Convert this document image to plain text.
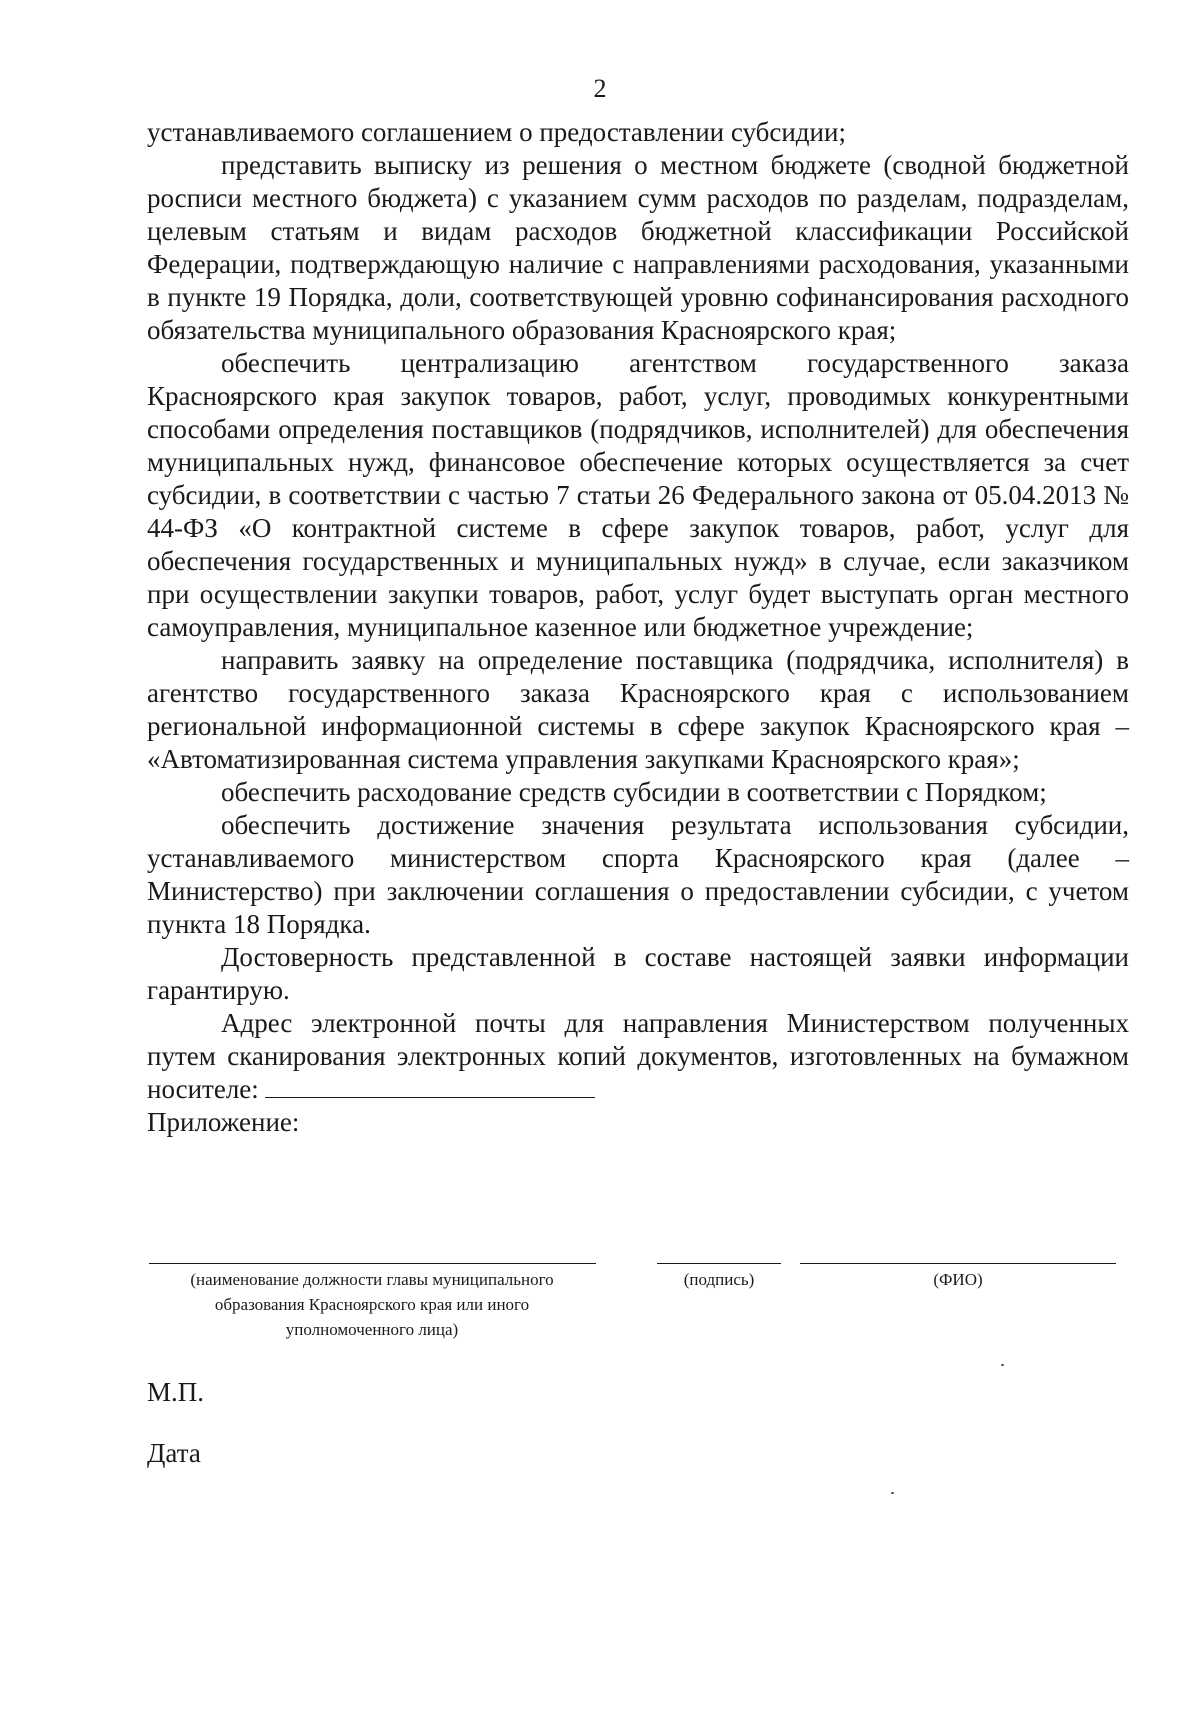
2

устанавливаемого соглашением о предоставлении субсидии;

представить выписку из решения о местном бюджете (сводной бюджетной росписи местного бюджета) с указанием сумм расходов по разделам, подразделам, целевым статьям и видам расходов бюджетной классификации Российской Федерации, подтверждающую наличие с направлениями расходования, указанными в пункте 19 Порядка, доли, соответствующей уровню софинансирования расходного обязательства муниципального образования Красноярского края;

обеспечить централизацию агентством государственного заказа Красноярского края закупок товаров, работ, услуг, проводимых конкурентными способами определения поставщиков (подрядчиков, исполнителей) для обеспечения муниципальных нужд, финансовое обеспечение которых осуществляется за счет субсидии, в соответствии с частью 7 статьи 26 Федерального закона от 05.04.2013 № 44-ФЗ «О контрактной системе в сфере закупок товаров, работ, услуг для обеспечения государственных и муниципальных нужд» в случае, если заказчиком при осуществлении закупки товаров, работ, услуг будет выступать орган местного самоуправления, муниципальное казенное или бюджетное учреждение;

направить заявку на определение поставщика (подрядчика, исполнителя) в агентство государственного заказа Красноярского края с использованием региональной информационной системы в сфере закупок Красноярского края – «Автоматизированная система управления закупками Красноярского края»;

обеспечить расходование средств субсидии в соответствии с Порядком;

обеспечить достижение значения результата использования субсидии, устанавливаемого министерством спорта Красноярского края (далее – Министерство) при заключении соглашения о предоставлении субсидии, с учетом пункта 18 Порядка.

Достоверность представленной в составе настоящей заявки информации гарантирую.

Адрес электронной почты для направления Министерством полученных путем сканирования электронных копий документов, изготовленных на бумажном носителе:

Приложение:

(наименование должности главы муниципального образования Красноярского края или иного уполномоченного лица)
(подпись)	(ФИО)
М.П.
Дата
